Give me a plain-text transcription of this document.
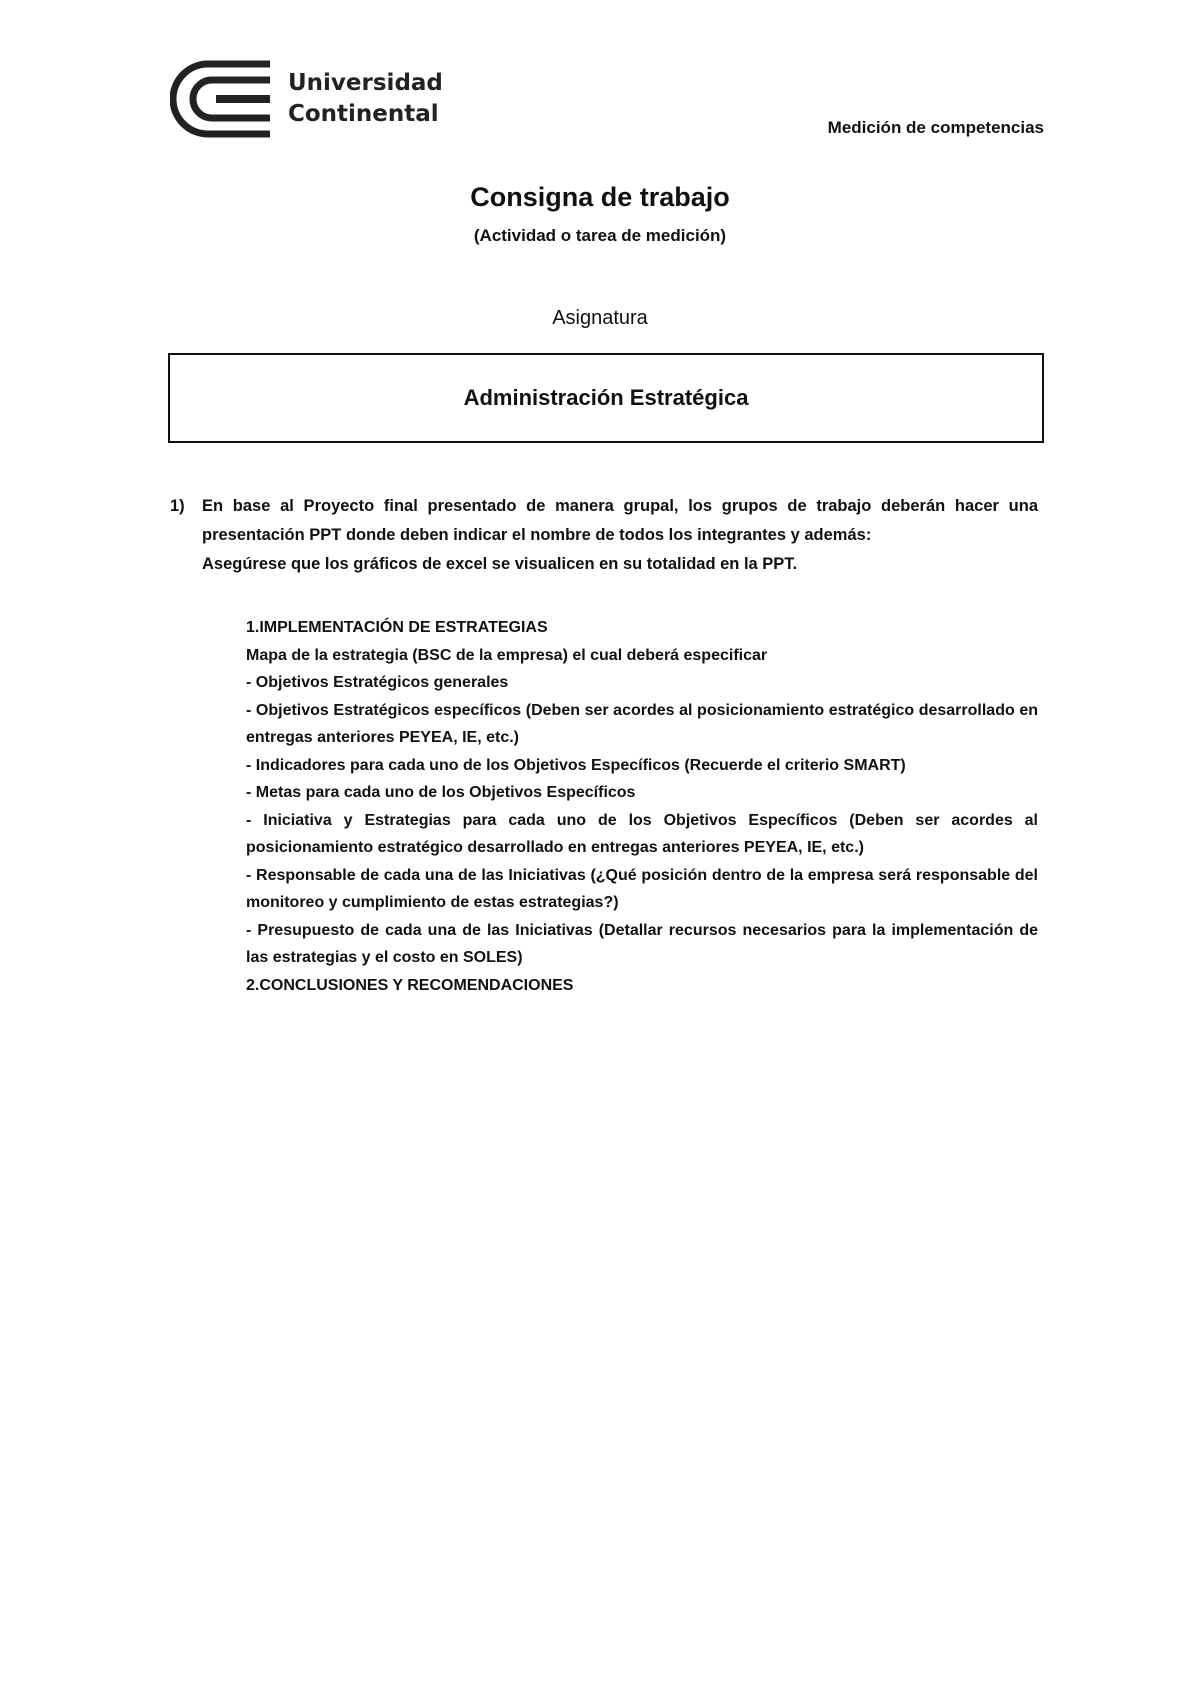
Universidad
Continental
Medición de competencias
Consigna de trabajo
(Actividad o tarea de medición)
Asignatura
Administración Estratégica
1) En base al Proyecto final presentado de manera grupal, los grupos de trabajo deberán hacer una presentación PPT donde deben indicar el nombre de todos los integrantes y además:
Asegúrese que los gráficos de excel se visualicen en su totalidad en la PPT.

1.IMPLEMENTACIÓN DE ESTRATEGIAS

Mapa de la estrategia (BSC de la empresa) el cual deberá especificar

- Objetivos Estratégicos generales

- Objetivos Estratégicos específicos (Deben ser acordes al posicionamiento estratégico desarrollado en entregas anteriores PEYEA, IE, etc.)

- Indicadores para cada uno de los Objetivos Específicos (Recuerde el criterio SMART)

- Metas para cada uno de los Objetivos Específicos

- Iniciativa y Estrategias para cada uno de los Objetivos Específicos (Deben ser acordes al posicionamiento estratégico desarrollado en entregas anteriores PEYEA, IE, etc.)

- Responsable de cada una de las Iniciativas (¿Qué posición dentro de la empresa será responsable del monitoreo y cumplimiento de estas estrategias?)

- Presupuesto de cada una de las Iniciativas (Detallar recursos necesarios para la implementación de las estrategias y el costo en SOLES)

2.CONCLUSIONES Y RECOMENDACIONES
